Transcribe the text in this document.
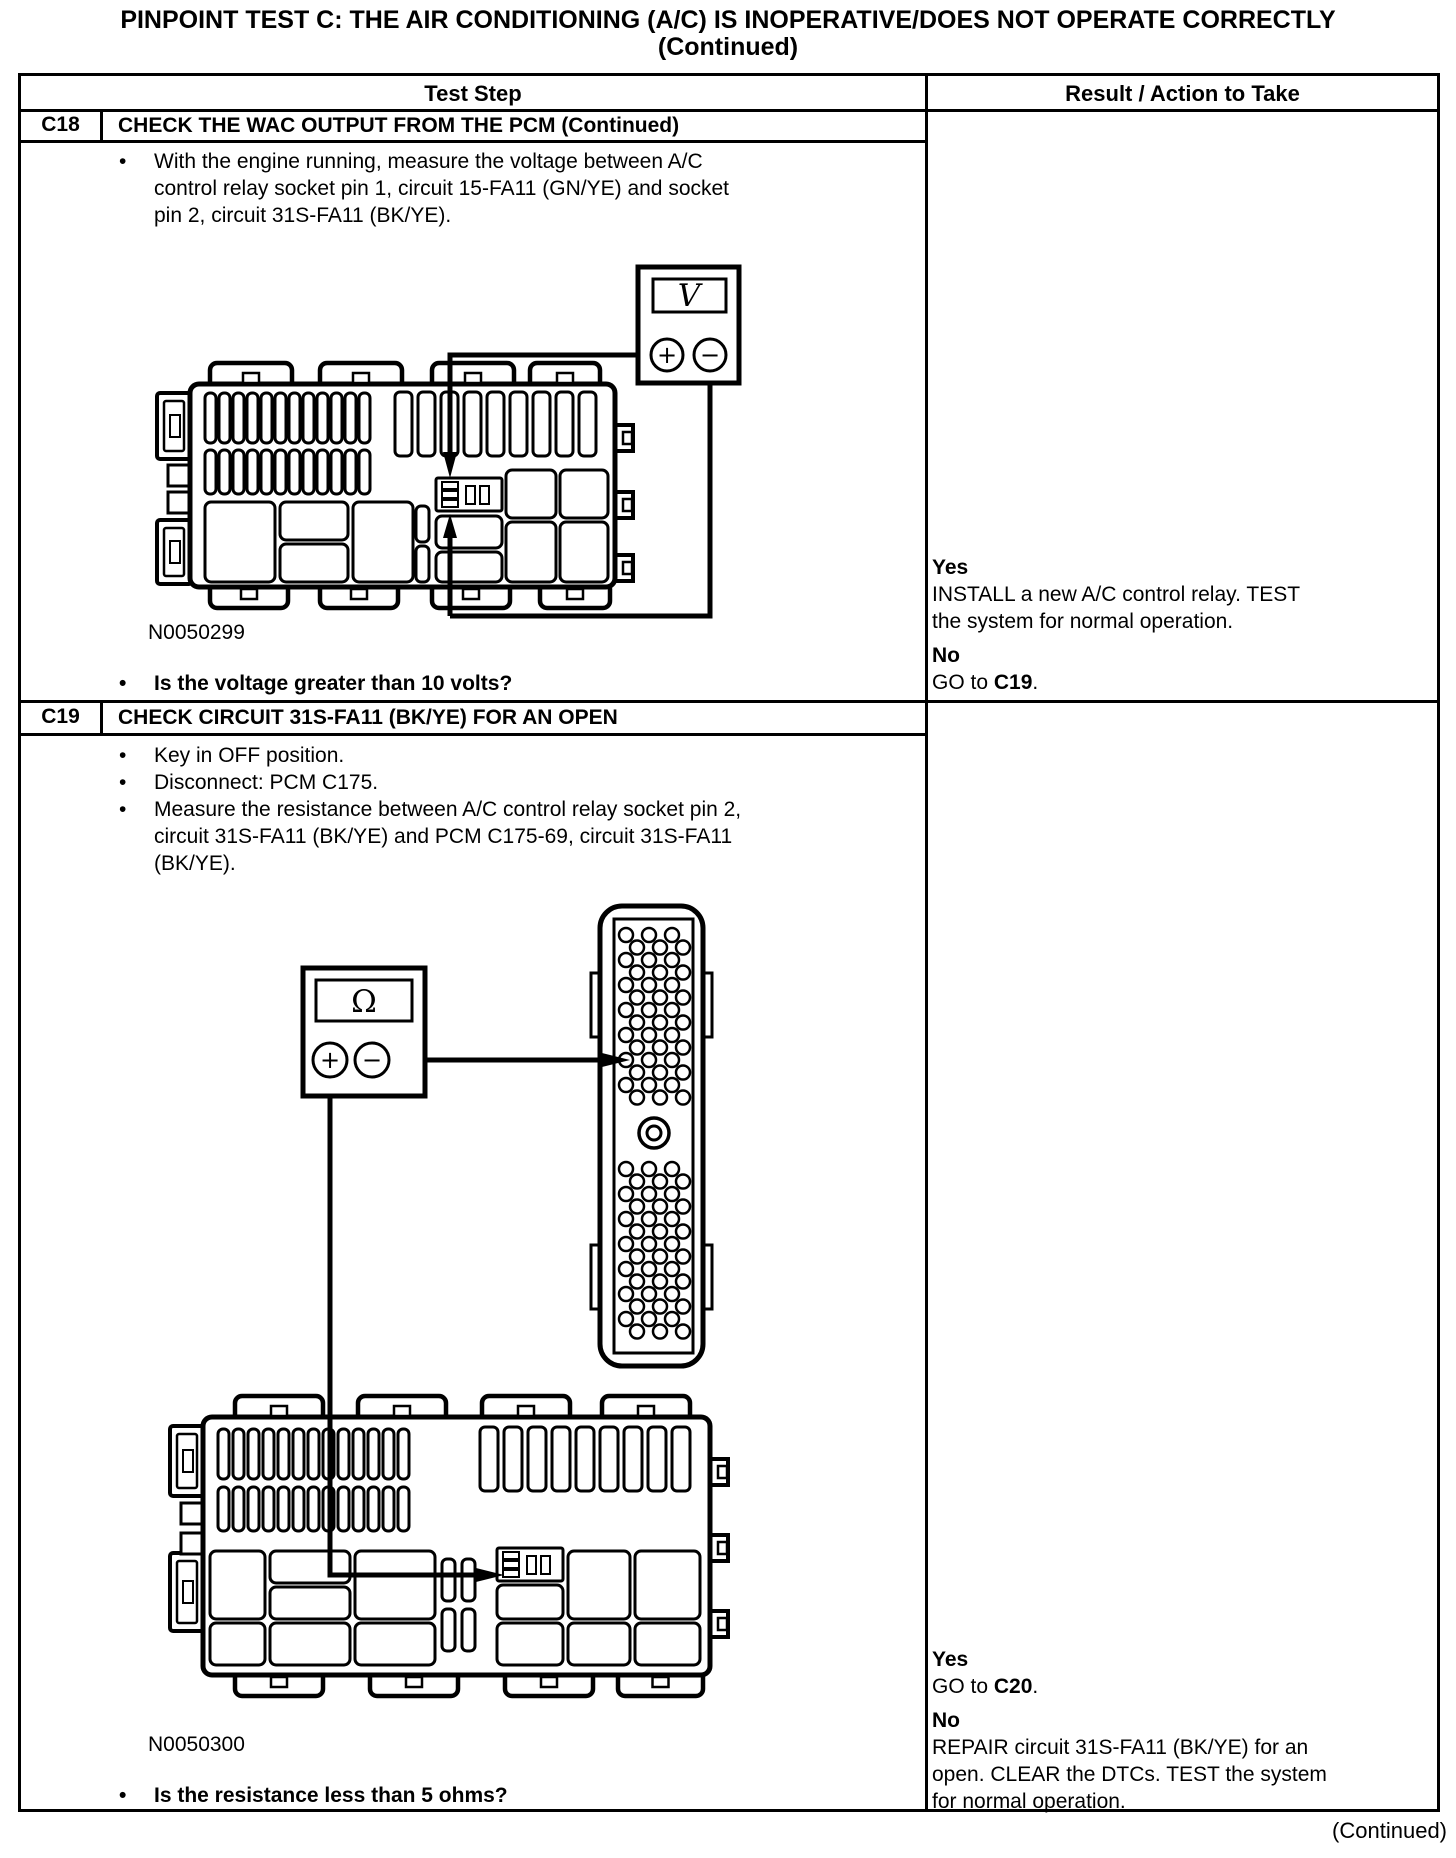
PINPOINT TEST C: THE AIR CONDITIONING (A/C) IS INOPERATIVE/DOES NOT OPERATE CORRECTLY
(Continued)
Test Step	Result / Action to Take
C18	CHECK THE WAC OUTPUT FROM THE PCM (Continued)
•	With the engine running, measure the voltage between A/C
control relay socket pin 1, circuit 15-FA11 (GN/YE) and socket
pin 2, circuit 31S-FA11 (BK/YE).
V
+ −
N0050299
•	Is the voltage greater than 10 volts?
Yes
INSTALL a new A/C control relay. TEST
the system for normal operation.
No
GO to C19.
C19	CHECK CIRCUIT 31S-FA11 (BK/YE) FOR AN OPEN
•	Key in OFF position.
•	Disconnect: PCM C175.
•	Measure the resistance between A/C control relay socket pin 2,
circuit 31S-FA11 (BK/YE) and PCM C175-69, circuit 31S-FA11
(BK/YE).
Ω
+ −
N0050300
•	Is the resistance less than 5 ohms?
Yes
GO to C20.
No
REPAIR circuit 31S-FA11 (BK/YE) for an
open. CLEAR the DTCs. TEST the system
for normal operation.
(Continued)
